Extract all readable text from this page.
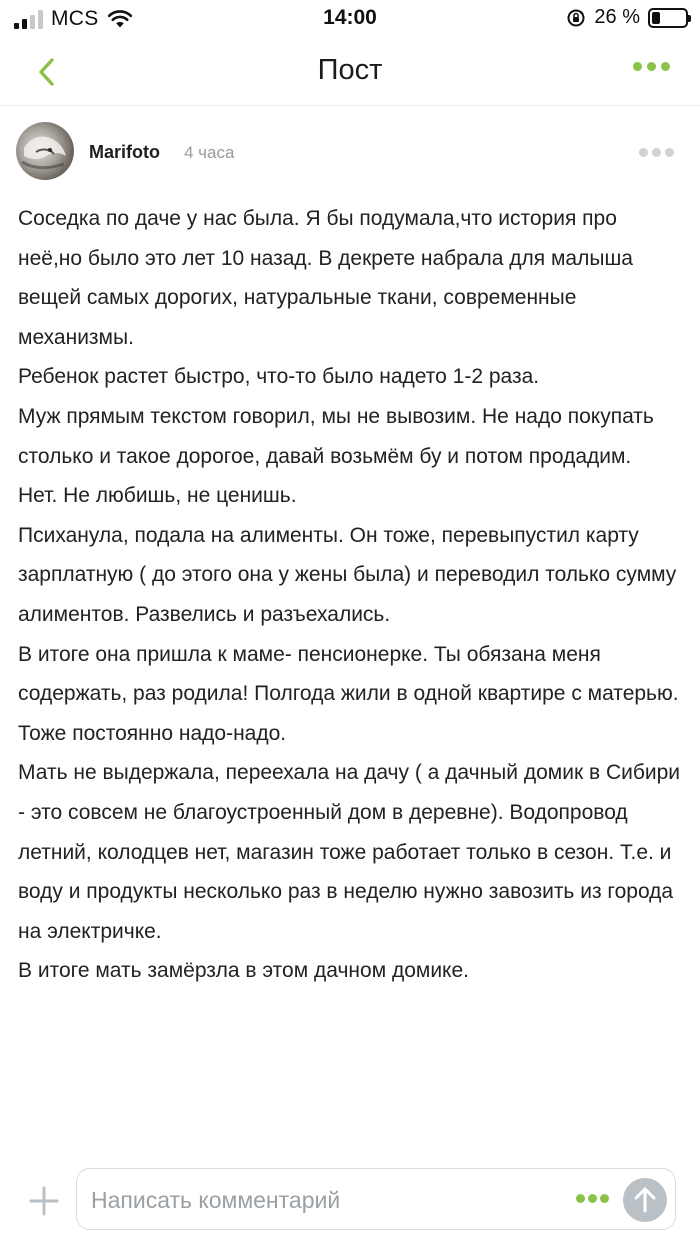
MCS	14:00	26 %
Пост
Marifoto 4 часа

Соседка по даче у нас была. Я бы подумала,что история про неё,но было это лет 10 назад. В декрете набрала для малыша вещей самых дорогих, натуральные ткани, современные механизмы.

Ребенок растет быстро, что-то было надето 1-2 раза.

Муж прямым текстом говорил, мы не вывозим. Не надо покупать столько и такое дорогое, давай возьмём бу и потом продадим.

Нет. Не любишь, не ценишь.

Психанула, подала на алименты. Он тоже, перевыпустил карту зарплатную ( до этого она у жены была) и переводил только сумму алиментов. Развелись и разъехались.

В итоге она пришла к маме- пенсионерке. Ты обязана меня содержать, раз родила! Полгода жили в одной квартире с матерью. Тоже постоянно надо-надо.

Мать не выдержала, переехала на дачу ( а дачный домик в Сибири - это совсем не благоустроенный дом в деревне). Водопровод летний, колодцев нет, магазин тоже работает только в сезон. Т.е. и воду и продукты несколько раз в неделю нужно завозить из города на электричке.

В итоге мать замёрзла в этом дачном домике.

Написать комментарий
